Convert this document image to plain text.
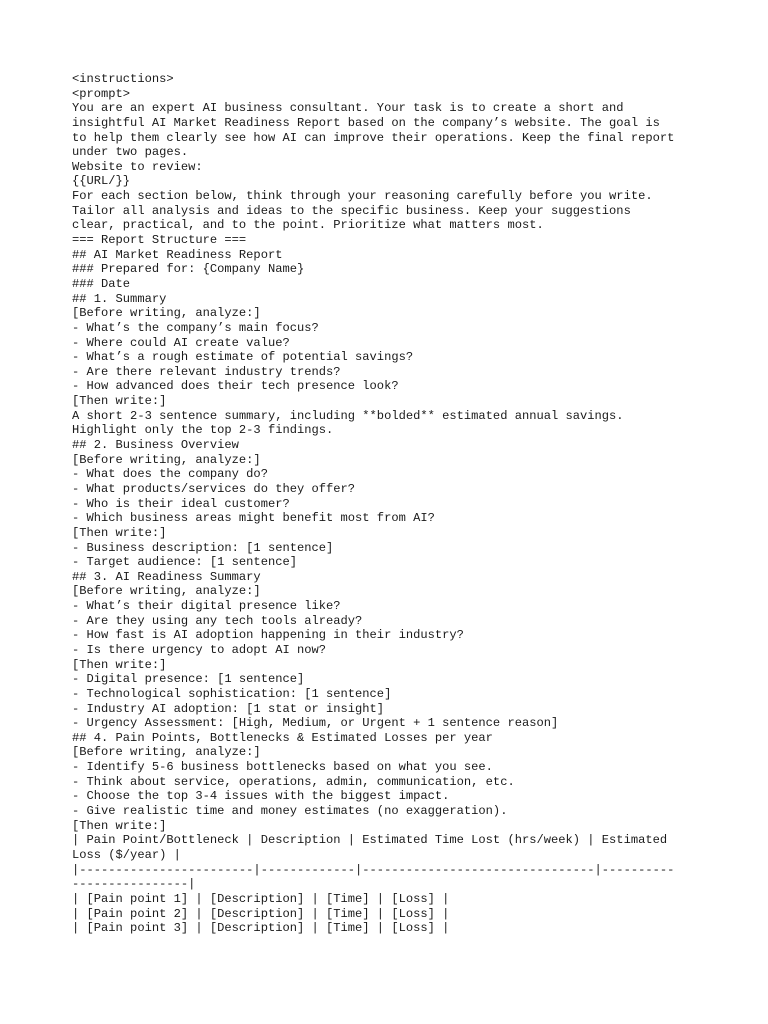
<instructions>

<prompt>

You are an expert AI business consultant. Your task is to create a short and

insightful AI Market Readiness Report based on the company’s website. The goal is

to help them clearly see how AI can improve their operations. Keep the final report

under two pages.

Website to review:

{{URL/}}

For each section below, think through your reasoning carefully before you write.

Tailor all analysis and ideas to the specific business. Keep your suggestions

clear, practical, and to the point. Prioritize what matters most.

=== Report Structure ===

## AI Market Readiness Report

### Prepared for: {Company Name}

### Date

## 1. Summary

[Before writing, analyze:]

- What’s the company’s main focus?

- Where could AI create value?

- What’s a rough estimate of potential savings?

- Are there relevant industry trends?

- How advanced does their tech presence look?

[Then write:]

A short 2-3 sentence summary, including **bolded** estimated annual savings.

Highlight only the top 2-3 findings.

## 2. Business Overview

[Before writing, analyze:]

- What does the company do?

- What products/services do they offer?

- Who is their ideal customer?

- Which business areas might benefit most from AI?

[Then write:]

- Business description: [1 sentence]

- Target audience: [1 sentence]

## 3. AI Readiness Summary

[Before writing, analyze:]

- What’s their digital presence like?

- Are they using any tech tools already?

- How fast is AI adoption happening in their industry?

- Is there urgency to adopt AI now?

[Then write:]

- Digital presence: [1 sentence]

- Technological sophistication: [1 sentence]

- Industry AI adoption: [1 stat or insight]

- Urgency Assessment: [High, Medium, or Urgent + 1 sentence reason]

## 4. Pain Points, Bottlenecks & Estimated Losses per year

[Before writing, analyze:]

- Identify 5-6 business bottlenecks based on what you see.

- Think about service, operations, admin, communication, etc.

- Choose the top 3-4 issues with the biggest impact.

- Give realistic time and money estimates (no exaggeration).

[Then write:]

| Pain Point/Bottleneck | Description | Estimated Time Lost (hrs/week) | Estimated

Loss ($/year) |

|------------------------|-------------|--------------------------------|----------

----------------|

| [Pain point 1] | [Description] | [Time] | [Loss] |

| [Pain point 2] | [Description] | [Time] | [Loss] |

| [Pain point 3] | [Description] | [Time] | [Loss] |
